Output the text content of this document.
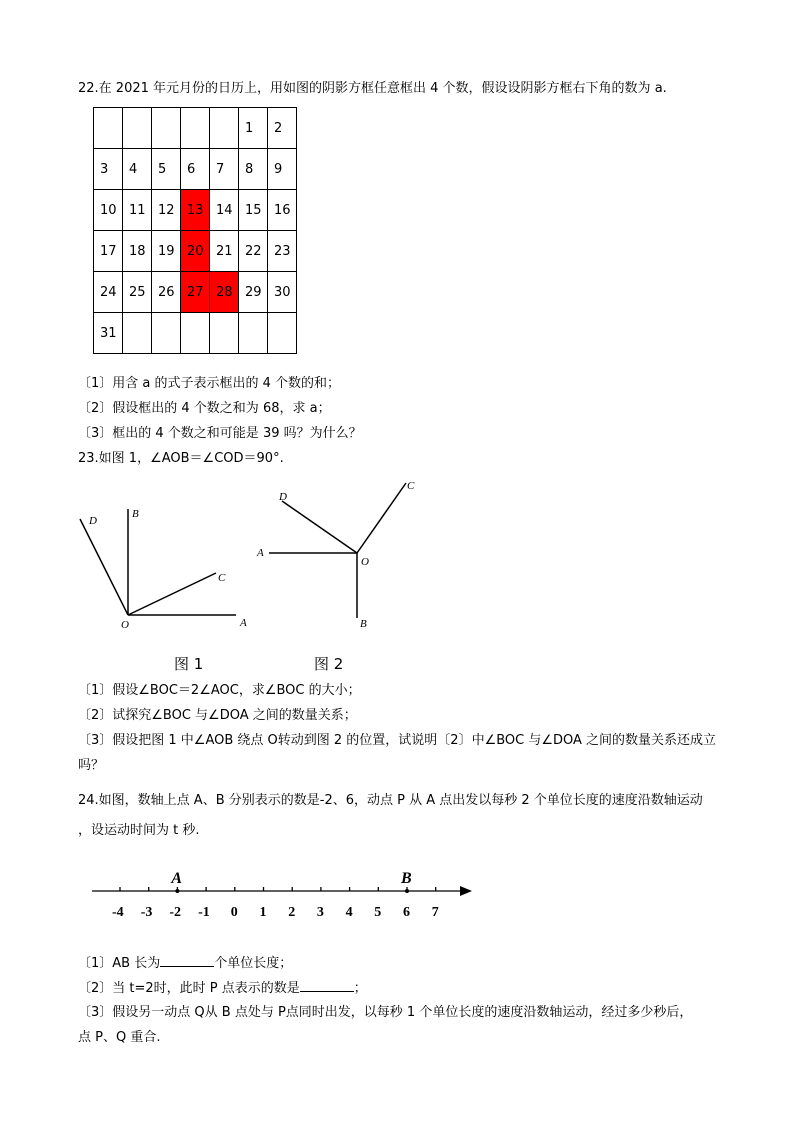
22.在 2021 年元月份的日历上，用如图的阴影方框任意框出 4 个数，假设设阴影方框右下角的数为 a.
					1	2
3	4	5	6	7	8	9
10	11	12	13	14	15	16
17	18	19	20	21	22	23
24	25	26	27	28	29	30
31						
〔1〕用含 a 的式子表示框出的 4 个数的和；
〔2〕假设框出的 4 个数之和为 68，求 a；
〔3〕框出的 4 个数之和可能是 39 吗？为什么？
23.如图 1，∠AOB＝∠COD＝90°.
D
B
C
O	A
D
C
A
O
B
图 1	图 2
〔1〕假设∠BOC＝2∠AOC，求∠BOC 的大小；
〔2〕试探究∠BOC 与∠DOA 之间的数量关系；
〔3〕假设把图 1 中∠AOB 绕点 O转动到图 2 的位置，试说明〔2〕中∠BOC 与∠DOA 之间的数量关系还成立
吗？
24.如图，数轴上点 A、B 分别表示的数是-2、6，动点 P 从 A 点出发以每秒 2 个单位长度的速度沿数轴运动
，设运动时间为 t 秒.
-4 -3 -2 -1 0 1 2 3 4 5 6 7
A	B
〔1〕AB 长为	个单位长度；
〔2〕当 t=2时，此时 P 点表示的数是	；
〔3〕假设另一动点 Q从 B 点处与 P点同时出发，以每秒 1 个单位长度的速度沿数轴运动，经过多少秒后，
点 P、Q 重合.
